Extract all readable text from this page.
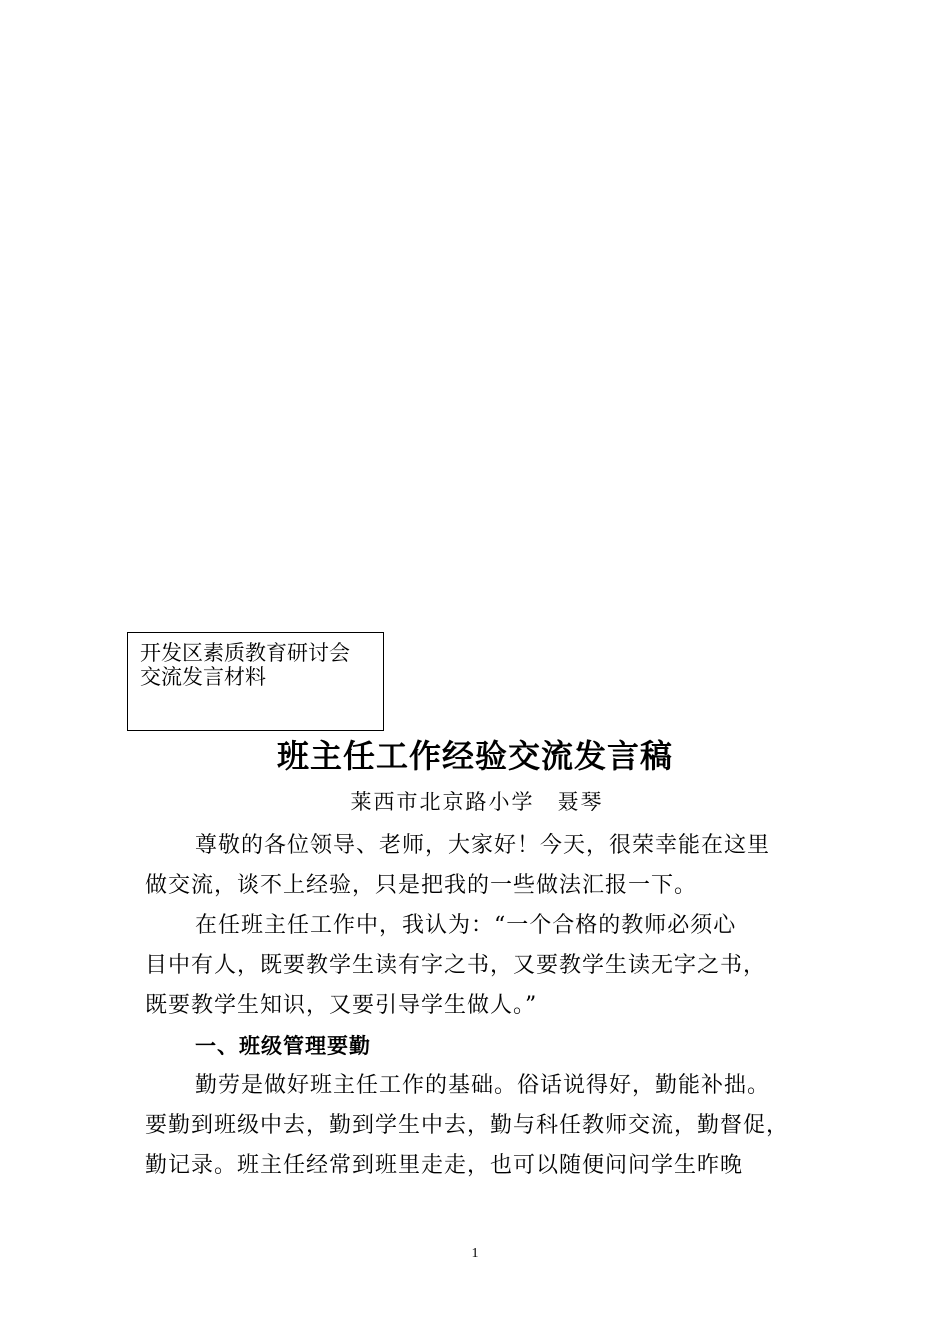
开发区素质教育研讨会
交流发言材料
班主任工作经验交流发言稿
莱西市北京路小学　聂琴
尊敬的各位领导、老师，大家好！今天，很荣幸能在这里
做交流，谈不上经验，只是把我的一些做法汇报一下。
在任班主任工作中，我认为：“一个合格的教师必须心
目中有人，既要教学生读有字之书，又要教学生读无字之书，
既要教学生知识，又要引导学生做人。”
一、班级管理要勤
勤劳是做好班主任工作的基础。俗话说得好，勤能补拙。
要勤到班级中去，勤到学生中去，勤与科任教师交流，勤督促，
勤记录。班主任经常到班里走走，也可以随便问问学生昨晚
1
